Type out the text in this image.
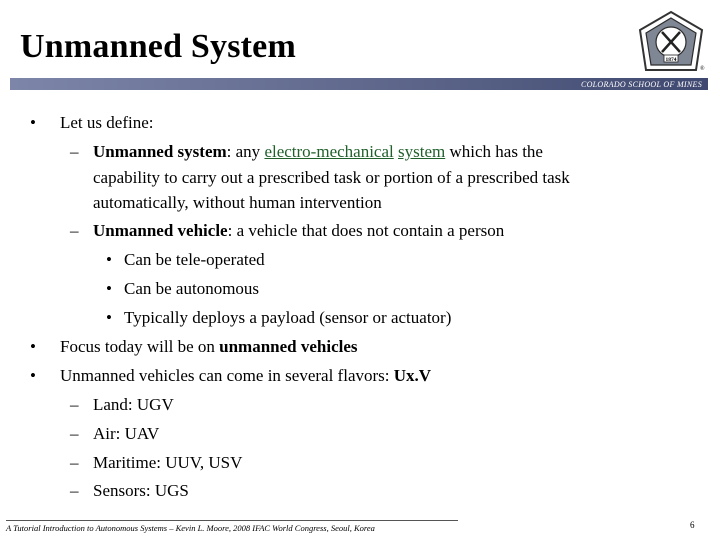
Unmanned System	1874
®
COLORADO SCHOOL OF MINES
• Let us define:
– Unmanned system: any electro-mechanical system which has the
capability to carry out a prescribed task or portion of a prescribed task
automatically, without human intervention
– Unmanned vehicle: a vehicle that does not contain a person
• Can be tele-operated
• Can be autonomous
• Typically deploys a payload (sensor or actuator)
• Focus today will be on unmanned vehicles
• Unmanned vehicles can come in several flavors: Ux.V
– Land: UGV
– Air: UAV
– Maritime: UUV, USV
– Sensors: UGS
A Tutorial Introduction to Autonomous Systems – Kevin L. Moore, 2008 IFAC World Congress, Seoul, Korea	6
